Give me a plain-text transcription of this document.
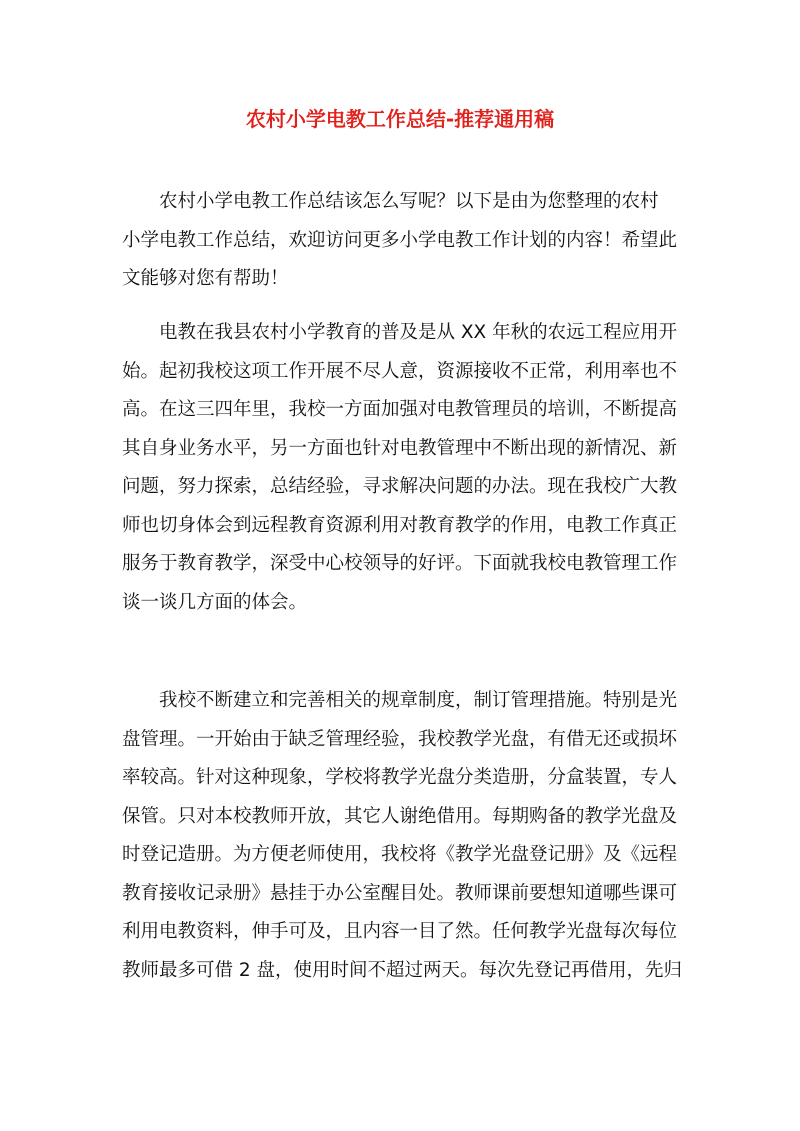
农村小学电教工作总结-推荐通用稿
农村小学电教工作总结该怎么写呢？以下是由为您整理的农村
小学电教工作总结，欢迎访问更多小学电教工作计划的内容！希望此
文能够对您有帮助！
电教在我县农村小学教育的普及是从 XX 年秋的农远工程应用开
始。起初我校这项工作开展不尽人意，资源接收不正常，利用率也不
高。在这三四年里，我校一方面加强对电教管理员的培训，不断提高
其自身业务水平，另一方面也针对电教管理中不断出现的新情况、新
问题，努力探索，总结经验，寻求解决问题的办法。现在我校广大教
师也切身体会到远程教育资源利用对教育教学的作用，电教工作真正
服务于教育教学，深受中心校领导的好评。下面就我校电教管理工作
谈一谈几方面的体会。
我校不断建立和完善相关的规章制度，制订管理措施。特别是光
盘管理。一开始由于缺乏管理经验，我校教学光盘，有借无还或损坏
率较高。针对这种现象，学校将教学光盘分类造册，分盒装置，专人
保管。只对本校教师开放，其它人谢绝借用。每期购备的教学光盘及
时登记造册。为方便老师使用，我校将《教学光盘登记册》及《远程
教育接收记录册》悬挂于办公室醒目处。教师课前要想知道哪些课可
利用电教资料，伸手可及，且内容一目了然。任何教学光盘每次每位
教师最多可借 2 盘，使用时间不超过两天。每次先登记再借用，先归
